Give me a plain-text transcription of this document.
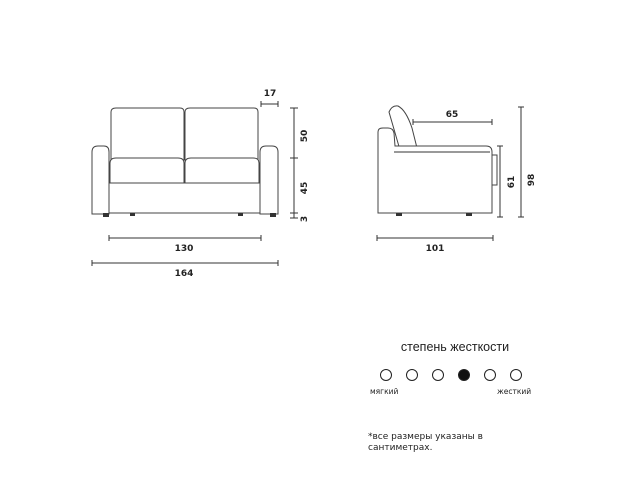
17
50
45
3
130
164
65
61 98
101
степень жесткости
мягкий	жесткий
*все размеры указаны в сантиметрах.
